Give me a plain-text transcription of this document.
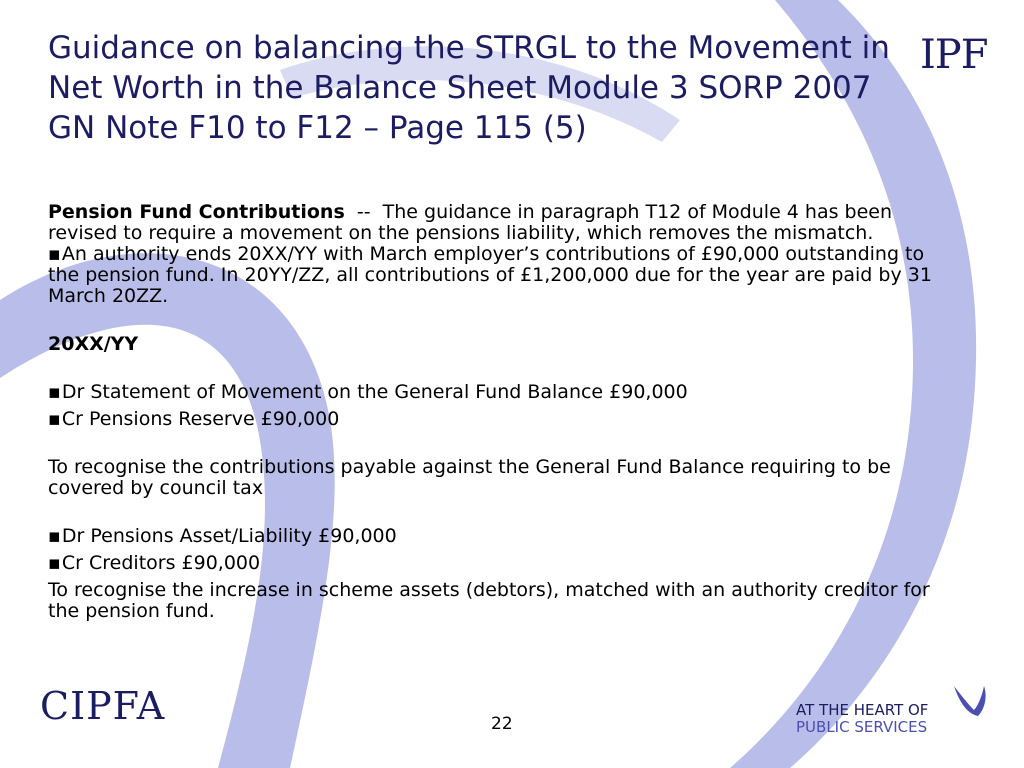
Guidance on balancing the STRGL to the Movement in Net Worth in the Balance Sheet Module 3 SORP 2007 GN Note F10 to F12 – Page 115 (5)
IPF

Pension Fund Contributions  --  The guidance in paragraph T12 of Module 4 has been revised to require a movement on the pensions liability, which removes the mismatch.

▪ An authority ends 20XX/YY with March employer’s contributions of £90,000 outstanding to the pension fund. In 20YY/ZZ, all contributions of £1,200,000 due for the year are paid by 31 March 20ZZ.

20XX/YY

▪ Dr Statement of Movement on the General Fund Balance £90,000

▪ Cr Pensions Reserve £90,000

To recognise the contributions payable against the General Fund Balance requiring to be covered by council tax

▪ Dr Pensions Asset/Liability £90,000

▪ Cr Creditors £90,000

To recognise the increase in scheme assets (debtors), matched with an authority creditor for the pension fund.

CIPFA	22
AT THE HEART OF
PUBLIC SERVICES
